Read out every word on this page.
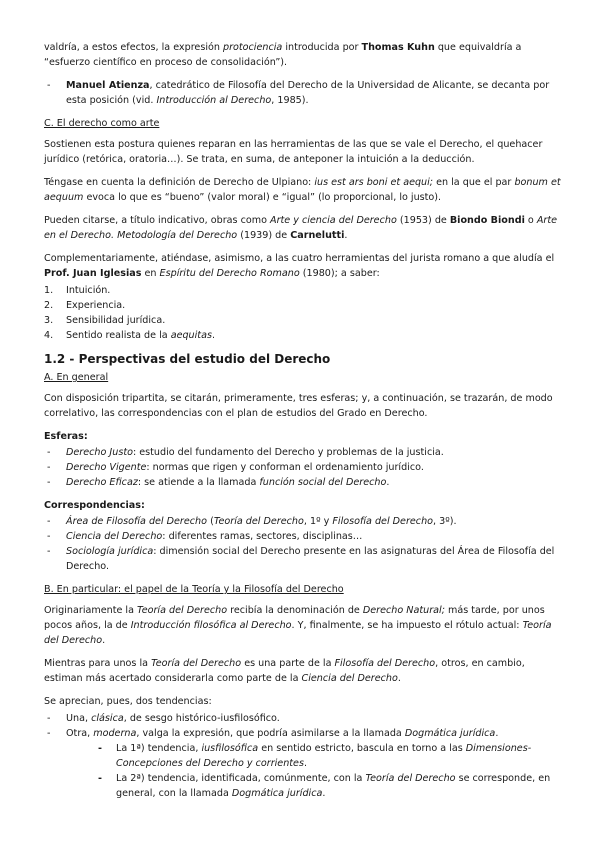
valdría, a estos efectos, la expresión protociencia introducida por Thomas Kuhn que equivaldría a “esfuerzo científico en proceso de consolidación”).

- Manuel Atienza, catedrático de Filosofía del Derecho de la Universidad de Alicante, se decanta por esta posición (vid. Introducción al Derecho, 1985).
C. El derecho como arte

Sostienen esta postura quienes reparan en las herramientas de las que se vale el Derecho, el quehacer jurídico (retórica, oratoria…). Se trata, en suma, de anteponer la intuición a la deducción.

Téngase en cuenta la definición de Derecho de Ulpiano: ius est ars boni et aequi; en la que el par bonum et aequum evoca lo que es “bueno” (valor moral) e “igual” (lo proporcional, lo justo).

Pueden citarse, a título indicativo, obras como Arte y ciencia del Derecho (1953) de Biondo Biondi o Arte en el Derecho. Metodología del Derecho (1939) de Carnelutti.

Complementariamente, atiéndase, asimismo, a las cuatro herramientas del jurista romano a que aludía el Prof. Juan Iglesias en Espíritu del Derecho Romano (1980); a saber:

1. Intuición.
2. Experiencia.
3. Sensibilidad jurídica.
4. Sentido realista de la aequitas.
1.2 - Perspectivas del estudio del Derecho
A. En general

Con disposición tripartita, se citarán, primeramente, tres esferas; y, a continuación, se trazarán, de modo correlativo, las correspondencias con el plan de estudios del Grado en Derecho.

Esferas:
- Derecho Justo: estudio del fundamento del Derecho y problemas de la justicia.
- Derecho Vigente: normas que rigen y conforman el ordenamiento jurídico.
- Derecho Eficaz: se atiende a la llamada función social del Derecho.
Correspondencias:
- Área de Filosofía del Derecho (Teoría del Derecho, 1º y Filosofía del Derecho, 3º).
- Ciencia del Derecho: diferentes ramas, sectores, disciplinas…
- Sociología jurídica: dimensión social del Derecho presente en las asignaturas del Área de Filosofía del Derecho.
B. En particular: el papel de la Teoría y la Filosofía del Derecho

Originariamente la Teoría del Derecho recibía la denominación de Derecho Natural; más tarde, por unos pocos años, la de Introducción filosófica al Derecho. Y, finalmente, se ha impuesto el rótulo actual: Teoría del Derecho.

Mientras para unos la Teoría del Derecho es una parte de la Filosofía del Derecho, otros, en cambio, estiman más acertado considerarla como parte de la Ciencia del Derecho.

Se aprecian, pues, dos tendencias:

- Una, clásica, de sesgo histórico-iusfilosófico.
- Otra, moderna, valga la expresión, que podría asimilarse a la llamada Dogmática jurídica.
- La 1ª) tendencia, iusfilosófica en sentido estricto, bascula en torno a las Dimensiones-Concepciones del Derecho y corrientes.
- La 2ª) tendencia, identificada, comúnmente, con la Teoría del Derecho se corresponde, en general, con la llamada Dogmática jurídica.
